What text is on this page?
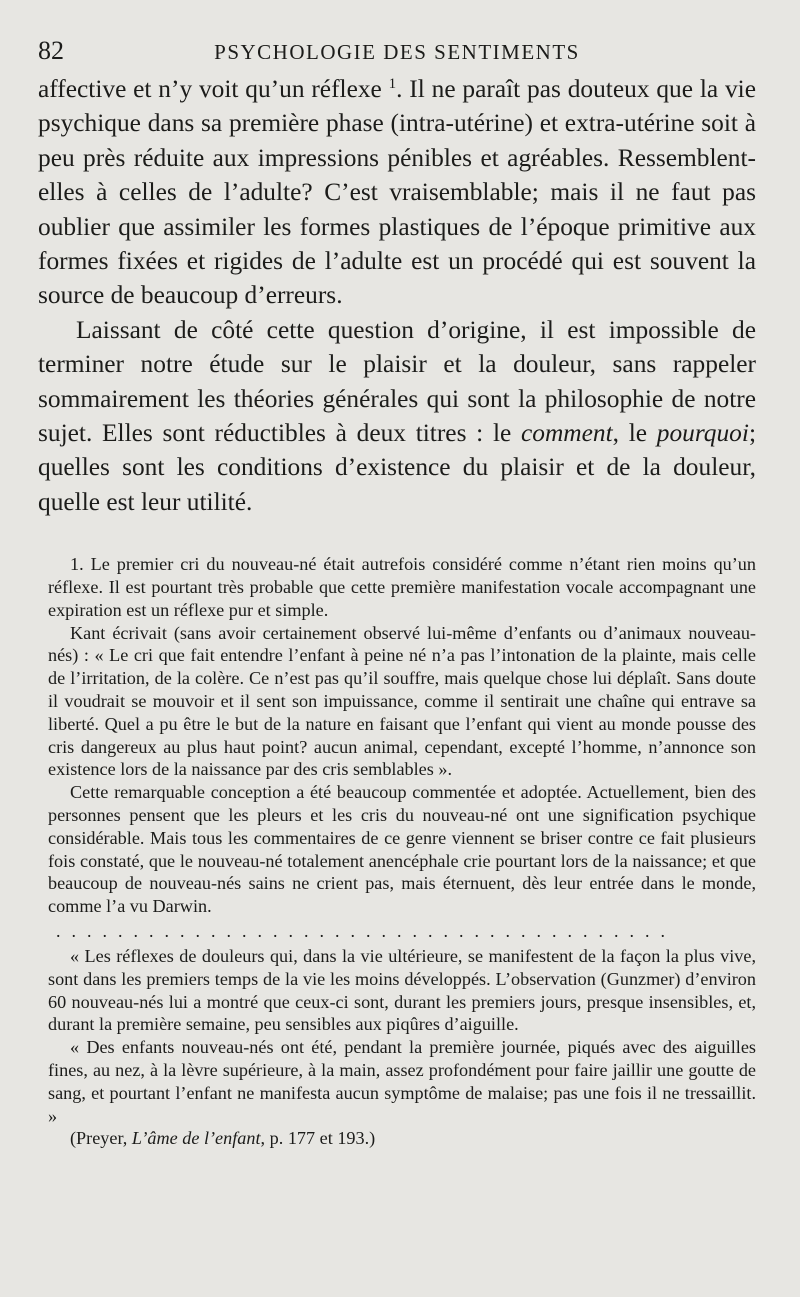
82	PSYCHOLOGIE DES SENTIMENTS

affective et n’y voit qu’un réflexe $^1$. Il ne paraît pas douteux que la vie psychique dans sa première phase (intra-utérine) et extra-utérine soit à peu près réduite aux impressions pénibles et agréables. Ressemblent-elles à celles de l’adulte? C’est vraisemblable; mais il ne faut pas oublier que assimiler les formes plastiques de l’époque primitive aux formes fixées et rigides de l’adulte est un procédé qui est souvent la source de beaucoup d’erreurs.

Laissant de côté cette question d’origine, il est impossible de terminer notre étude sur le plaisir et la douleur, sans rappeler sommairement les théories générales qui sont la philosophie de notre sujet. Elles sont réductibles à deux titres : le comment, le pourquoi; quelles sont les conditions d’existence du plaisir et de la douleur, quelle est leur utilité.

1. Le premier cri du nouveau-né était autrefois considéré comme n’étant rien moins qu’un réflexe. Il est pourtant très probable que cette première manifestation vocale accompagnant une expiration est un réflexe pur et simple.

Kant écrivait (sans avoir certainement observé lui-même d’enfants ou d’animaux nouveau-nés) : « Le cri que fait entendre l’enfant à peine né n’a pas l’intonation de la plainte, mais celle de l’irritation, de la colère. Ce n’est pas qu’il souffre, mais quelque chose lui déplaît. Sans doute il voudrait se mouvoir et il sent son impuissance, comme il sentirait une chaîne qui entrave sa liberté. Quel a pu être le but de la nature en faisant que l’enfant qui vient au monde pousse des cris dangereux au plus haut point? aucun animal, cependant, excepté l’homme, n’annonce son existence lors de la naissance par des cris semblables ».

Cette remarquable conception a été beaucoup commentée et adoptée. Actuellement, bien des personnes pensent que les pleurs et les cris du nouveau-né ont une signification psychique considérable. Mais tous les commentaires de ce genre viennent se briser contre ce fait plusieurs fois constaté, que le nouveau-né totalement anencéphale crie pourtant lors de la naissance; et que beaucoup de nouveau-nés sains ne crient pas, mais éternuent, dès leur entrée dans le monde, comme l’a vu Darwin.

........................................

« Les réflexes de douleurs qui, dans la vie ultérieure, se manifestent de la façon la plus vive, sont dans les premiers temps de la vie les moins développés. L’observation (Gunzmer) d’environ 60 nouveau-nés lui a montré que ceux-ci sont, durant les premiers jours, presque insensibles, et, durant la première semaine, peu sensibles aux piqûres d’aiguille.

« Des enfants nouveau-nés ont été, pendant la première journée, piqués avec des aiguilles fines, au nez, à la lèvre supérieure, à la main, assez profondément pour faire jaillir une goutte de sang, et pourtant l’enfant ne manifesta aucun symptôme de malaise; pas une fois il ne tressaillit. »

(Preyer, L’âme de l’enfant, p. 177 et 193.)
